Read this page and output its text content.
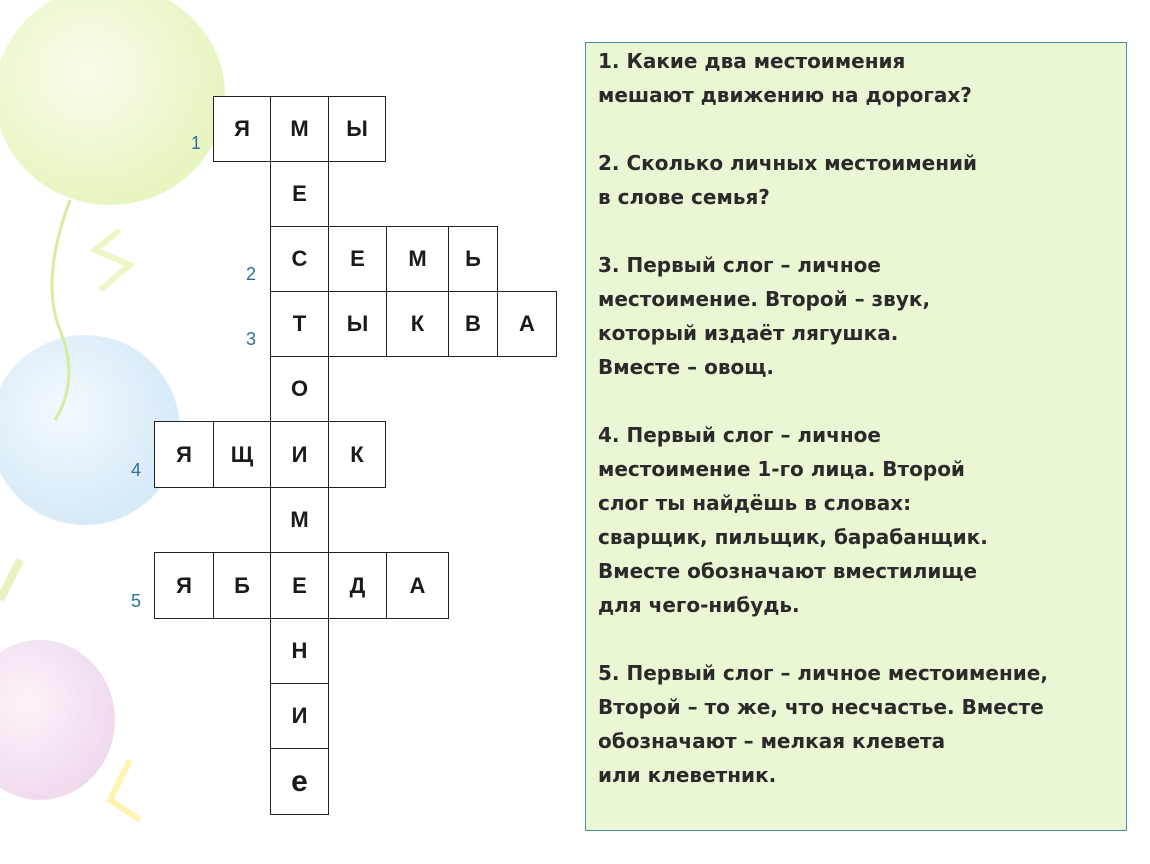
1
2
3
4
5
Я	М	Ы
Е
С	Е	М	Ь
Т	Ы	К	В	А
О
Я	Щ	И	К
М
Я	Б	Е	Д	А
Н
И
е

1. Какие два местоимения
мешают движению на дорогах?

2. Сколько личных местоимений
в слове семья?

3. Первый слог – личное
местоимение. Второй – звук,
который издаёт лягушка.
Вместе – овощ.

4. Первый слог – личное
местоимение 1-го лица. Второй
слог ты найдёшь в словах:
сварщик, пильщик, барабанщик.
Вместе обозначают вместилище
для чего-нибудь.

5. Первый слог – личное местоимение,
Второй – то же, что несчастье. Вместе
обозначают – мелкая клевета
или клеветник.
